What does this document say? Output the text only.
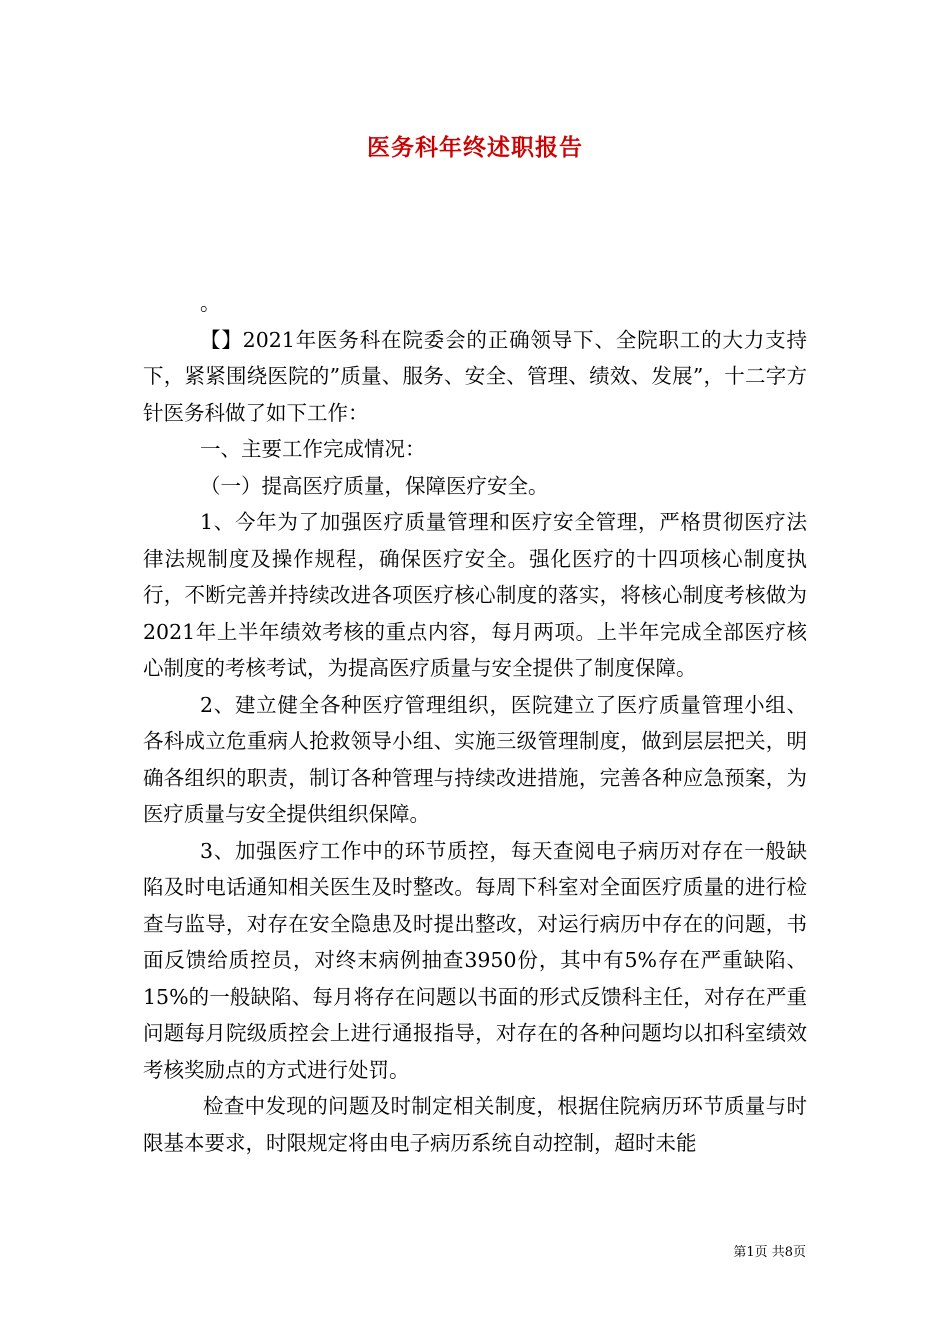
医务科年终述职报告

。

【】2021年医务科在院委会的正确领导下、全院职工的大力支持下，紧紧围绕医院的”质量、服务、安全、管理、绩效、发展”，十二字方针医务科做了如下工作：

一、主要工作完成情况：

（一）提高医疗质量，保障医疗安全。

1、今年为了加强医疗质量管理和医疗安全管理，严格贯彻医疗法律法规制度及操作规程，确保医疗安全。强化医疗的十四项核心制度执行，不断完善并持续改进各项医疗核心制度的落实，将核心制度考核做为2021年上半年绩效考核的重点内容，每月两项。上半年完成全部医疗核心制度的考核考试，为提高医疗质量与安全提供了制度保障。

2、建立健全各种医疗管理组织，医院建立了医疗质量管理小组、各科成立危重病人抢救领导小组、实施三级管理制度，做到层层把关，明确各组织的职责，制订各种管理与持续改进措施，完善各种应急预案，为医疗质量与安全提供组织保障。

3、加强医疗工作中的环节质控，每天查阅电子病历对存在一般缺陷及时电话通知相关医生及时整改。每周下科室对全面医疗质量的进行检查与监导，对存在安全隐患及时提出整改，对运行病历中存在的问题，书面反馈给质控员，对终末病例抽查3950份，其中有5%存在严重缺陷、15%的一般缺陷、每月将存在问题以书面的形式反馈科主任，对存在严重问题每月院级质控会上进行通报指导，对存在的各种问题均以扣科室绩效考核奖励点的方式进行处罚。

检查中发现的问题及时制定相关制度，根据住院病历环节质量与时限基本要求，时限规定将由电子病历系统自动控制，超时未能

第1页 共8页
